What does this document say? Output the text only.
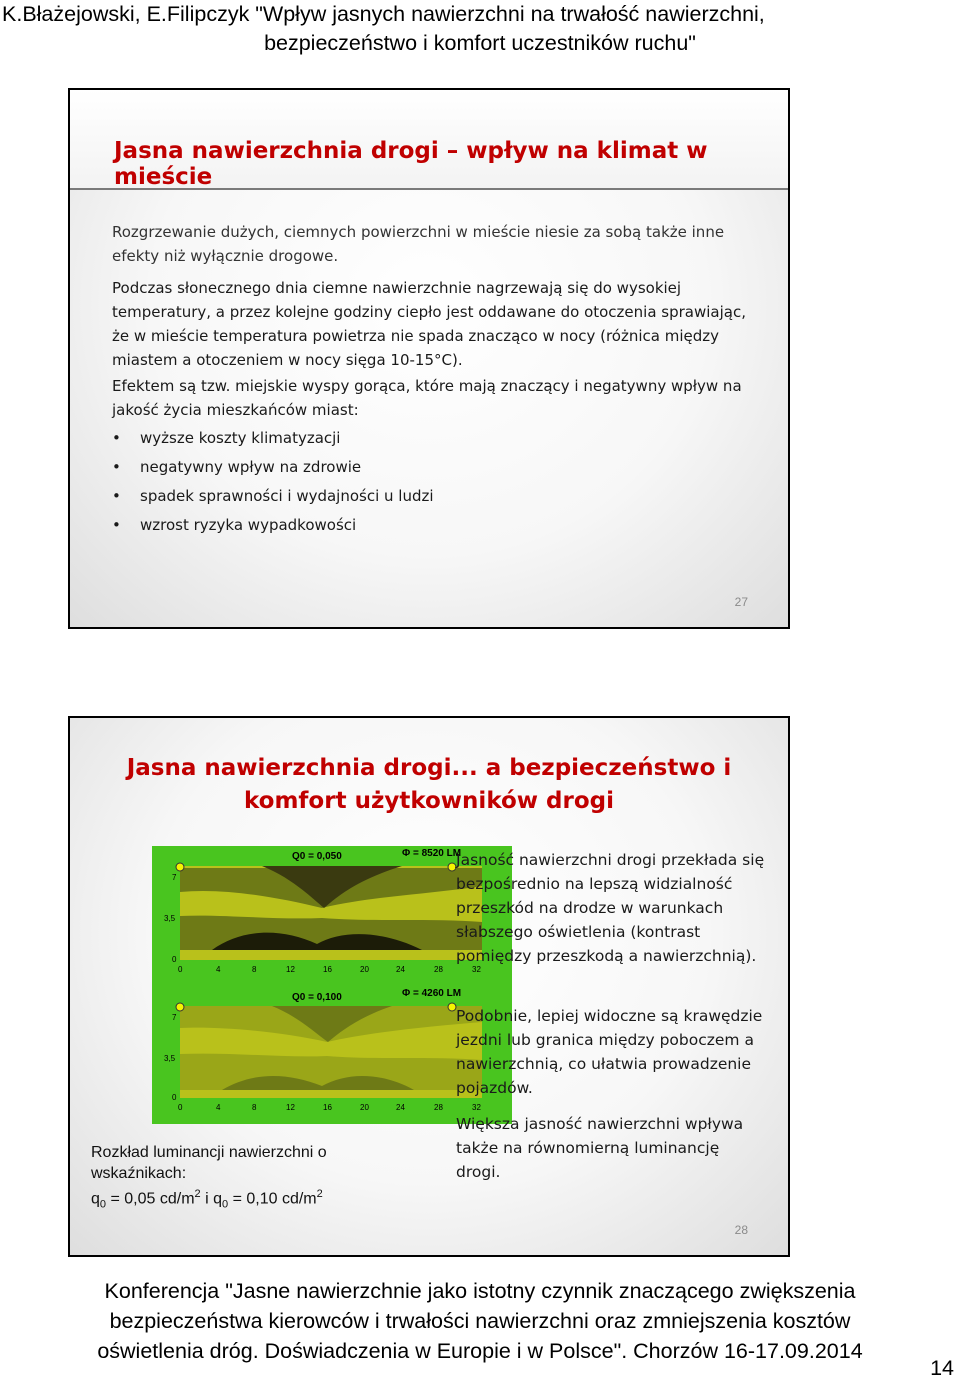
K.Błażejowski, E.Filipczyk "Wpływ jasnych nawierzchni na trwałość nawierzchni,
bezpieczeństwo i komfort uczestników ruchu"
Jasna nawierzchnia drogi – wpływ na klimat w mieście
Rozgrzewanie dużych, ciemnych powierzchni w mieście niesie za sobą także inne efekty niż wyłącznie drogowe.
Podczas słonecznego dnia ciemne nawierzchnie nagrzewają się do wysokiej temperatury, a przez kolejne godziny ciepło jest oddawane do otoczenia sprawiając, że w mieście temperatura powietrza nie spada znacząco w nocy (różnica między miastem a otoczeniem w nocy sięga 10-15°C).
Efektem są tzw. miejskie wyspy gorąca, które mają znaczący i negatywny wpływ na jakość życia mieszkańców miast:
• wyższe koszty klimatyzacji
• negatywny wpływ na zdrowie
• spadek sprawności i wydajności u ludzi
• wzrost ryzyka wypadkowości
27
Jasna nawierzchnia drogi... a bezpieczeństwo i
komfort użytkowników drogi
Q0 = 0,050	Φ = 8520 LM
7
3,5
0
0	4	8	12	16	20	24	28	32
Q0 = 0,100	Φ = 4260 LM
7
3,5
0
0	4	8	12	16	20	24	28	32
Rozkład luminancji nawierzchni o
wskaźnikach:
$q_0 = 0,05$ $cd/m^2$ i $q_0 = 0,10$ $cd/m^2$
Jasność nawierzchni drogi przekłada się bezpośrednio na lepszą widzialność przeszkód na drodze w warunkach słabszego oświetlenia (kontrast pomiędzy przeszkodą a nawierzchnią).
Podobnie, lepiej widoczne są krawędzie jezdni lub granica między poboczem a nawierzchnią, co ułatwia prowadzenie pojazdów.
Większa jasność nawierzchni wpływa także na równomierną luminancję drogi.
28
Konferencja "Jasne nawierzchnie jako istotny czynnik znaczącego zwiększenia
bezpieczeństwa kierowców i trwałości nawierzchni oraz zmniejszenia kosztów
oświetlenia dróg. Doświadczenia w Europie i w Polsce". Chorzów 16-17.09.2014
14
